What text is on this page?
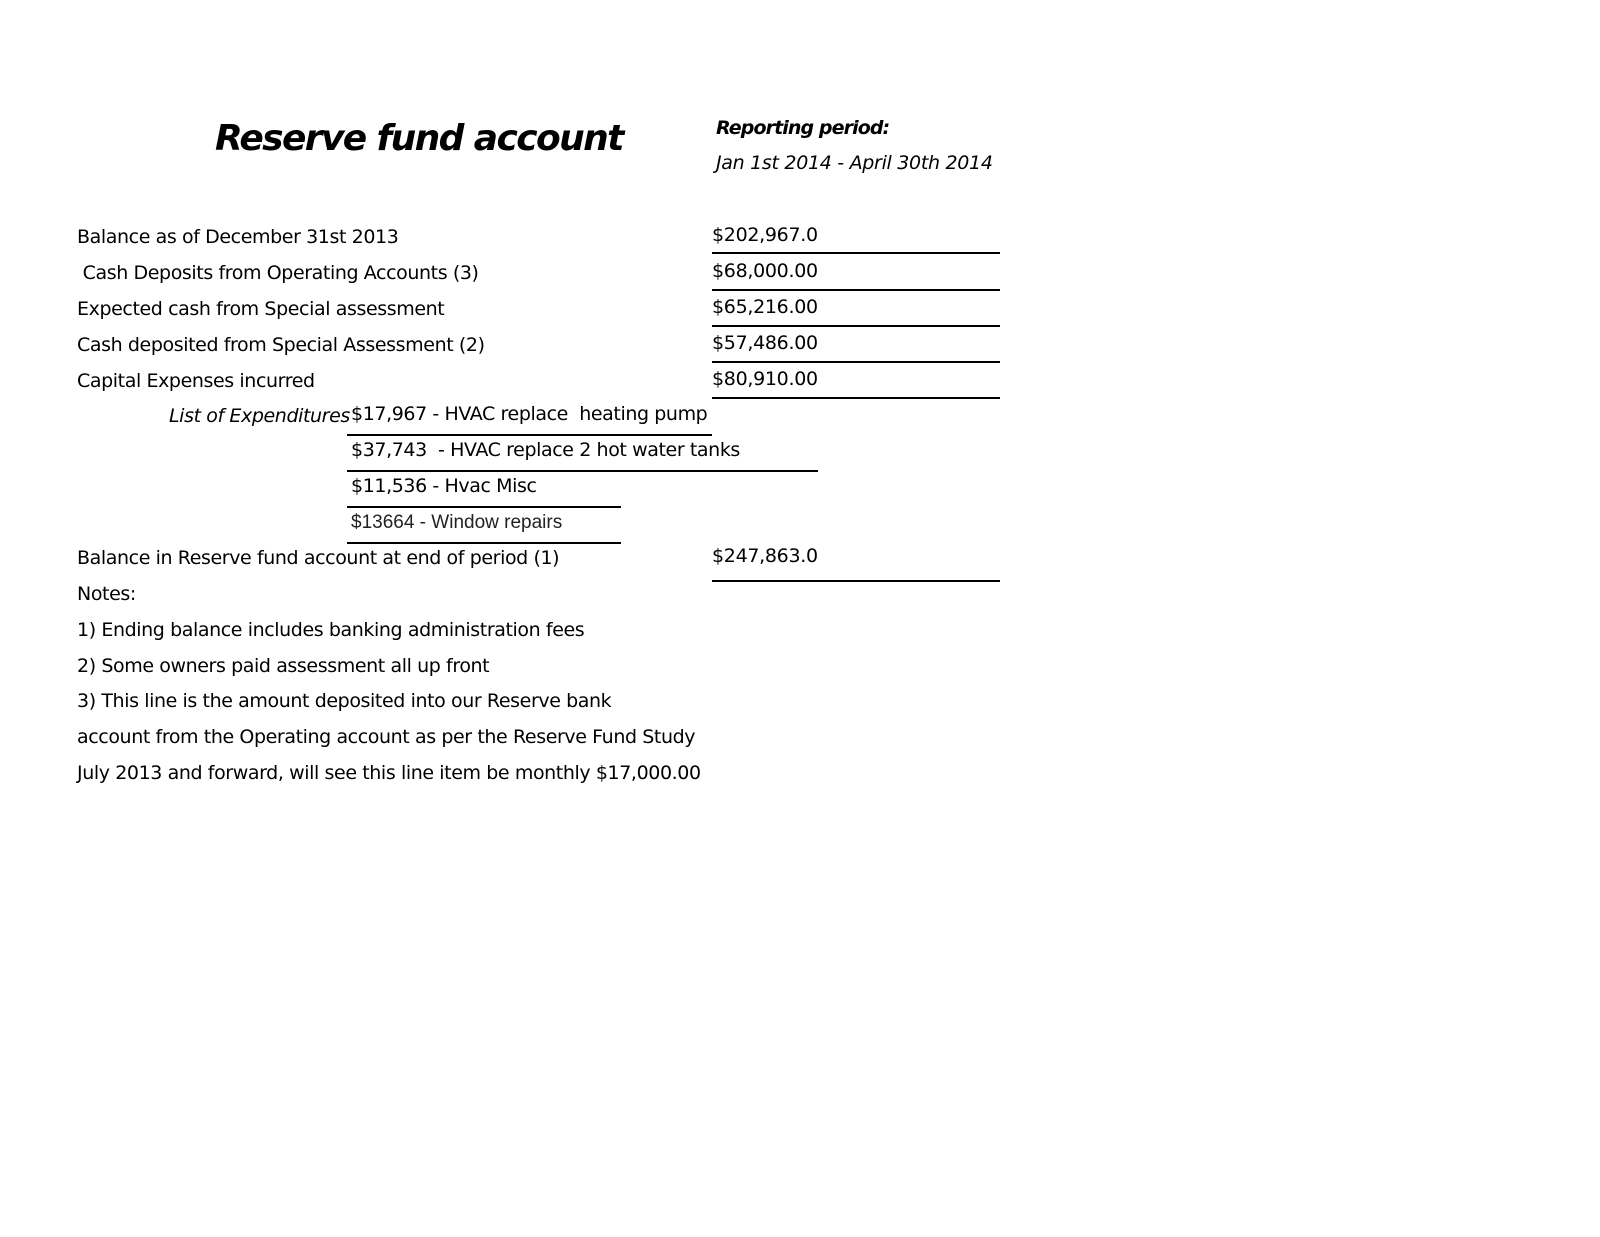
Reserve fund account	Reporting period:
Jan 1st 2014 - April 30th 2014
Balance as of December 31st 2013	$202,967.0
Cash Deposits from Operating Accounts (3)	$68,000.00
Expected cash from Special assessment	$65,216.00
Cash deposited from Special Assessment (2)	$57,486.00
Capital Expenses incurred	$80,910.00
List of Expenditures $17,967 - HVAC replace  heating pump
$37,743  - HVAC replace 2 hot water tanks
$11,536 - Hvac Misc
$13664 - Window repairs
Balance in Reserve fund account at end of period (1)	$247,863.0
Notes:
1) Ending balance includes banking administration fees
2) Some owners paid assessment all up front
3) This line is the amount deposited into our Reserve bank
account from the Operating account as per the Reserve Fund Study
July 2013 and forward, will see this line item be monthly $17,000.00
